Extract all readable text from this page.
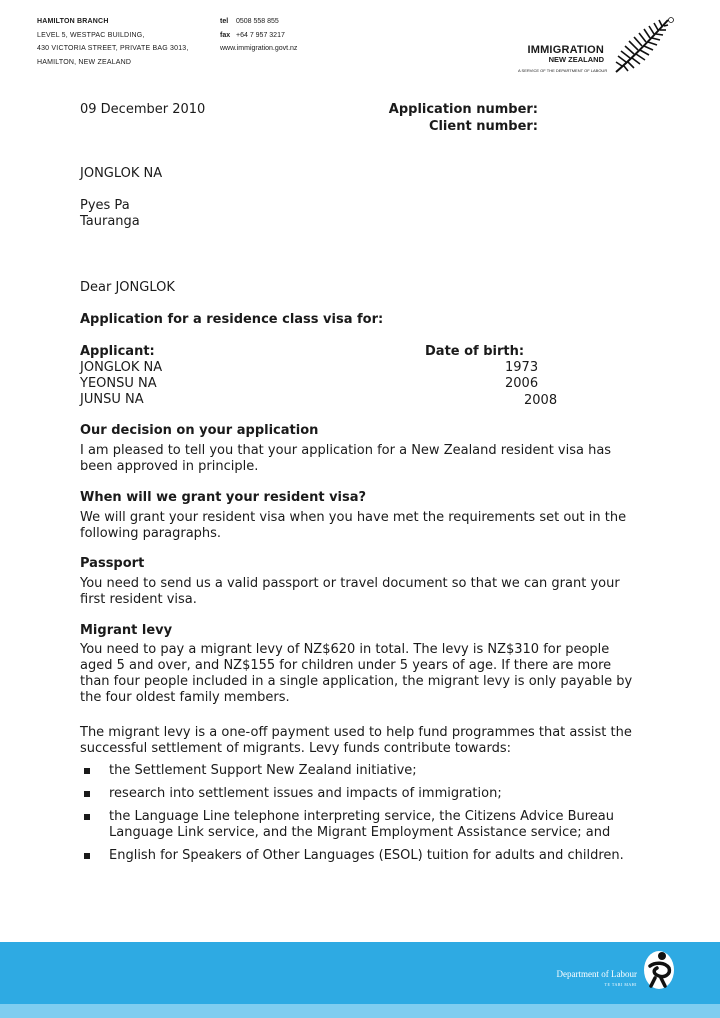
HAMILTON BRANCH
LEVEL 5, WESTPAC BUILDING,
430 VICTORIA STREET, PRIVATE BAG 3013,
HAMILTON, NEW ZEALAND
tel 0508 558 855
fax +64 7 957 3217
www.immigration.govt.nz	IMMIGRATION
NEW ZEALAND
A SERVICE OF THE DEPARTMENT OF LABOUR
09 December 2010	Application number:
Client number:
JONGLOK NA
Pyes Pa
Tauranga
Dear JONGLOK
Application for a residence class visa for:
Applicant:
JONGLOK NA
YEONSU NA
JUNSU NA
Date of birth:
1973
2006
2008
Our decision on your application
I am pleased to tell you that your application for a New Zealand resident visa has been approved in principle.
When will we grant your resident visa?
We will grant your resident visa when you have met the requirements set out in the following paragraphs.
Passport
You need to send us a valid passport or travel document so that we can grant your first resident visa.
Migrant levy
You need to pay a migrant levy of NZ$620 in total. The levy is NZ$310 for people aged 5 and over, and NZ$155 for children under 5 years of age. If there are more than four people included in a single application, the migrant levy is only payable by the four oldest family members.
The migrant levy is a one-off payment used to help fund programmes that assist the successful settlement of migrants. Levy funds contribute towards:
the Settlement Support New Zealand initiative;
research into settlement issues and impacts of immigration;
the Language Line telephone interpreting service, the Citizens Advice Bureau Language Link service, and the Migrant Employment Assistance service; and
English for Speakers of Other Languages (ESOL) tuition for adults and children.
Department of Labour
TE TARI MAHI
